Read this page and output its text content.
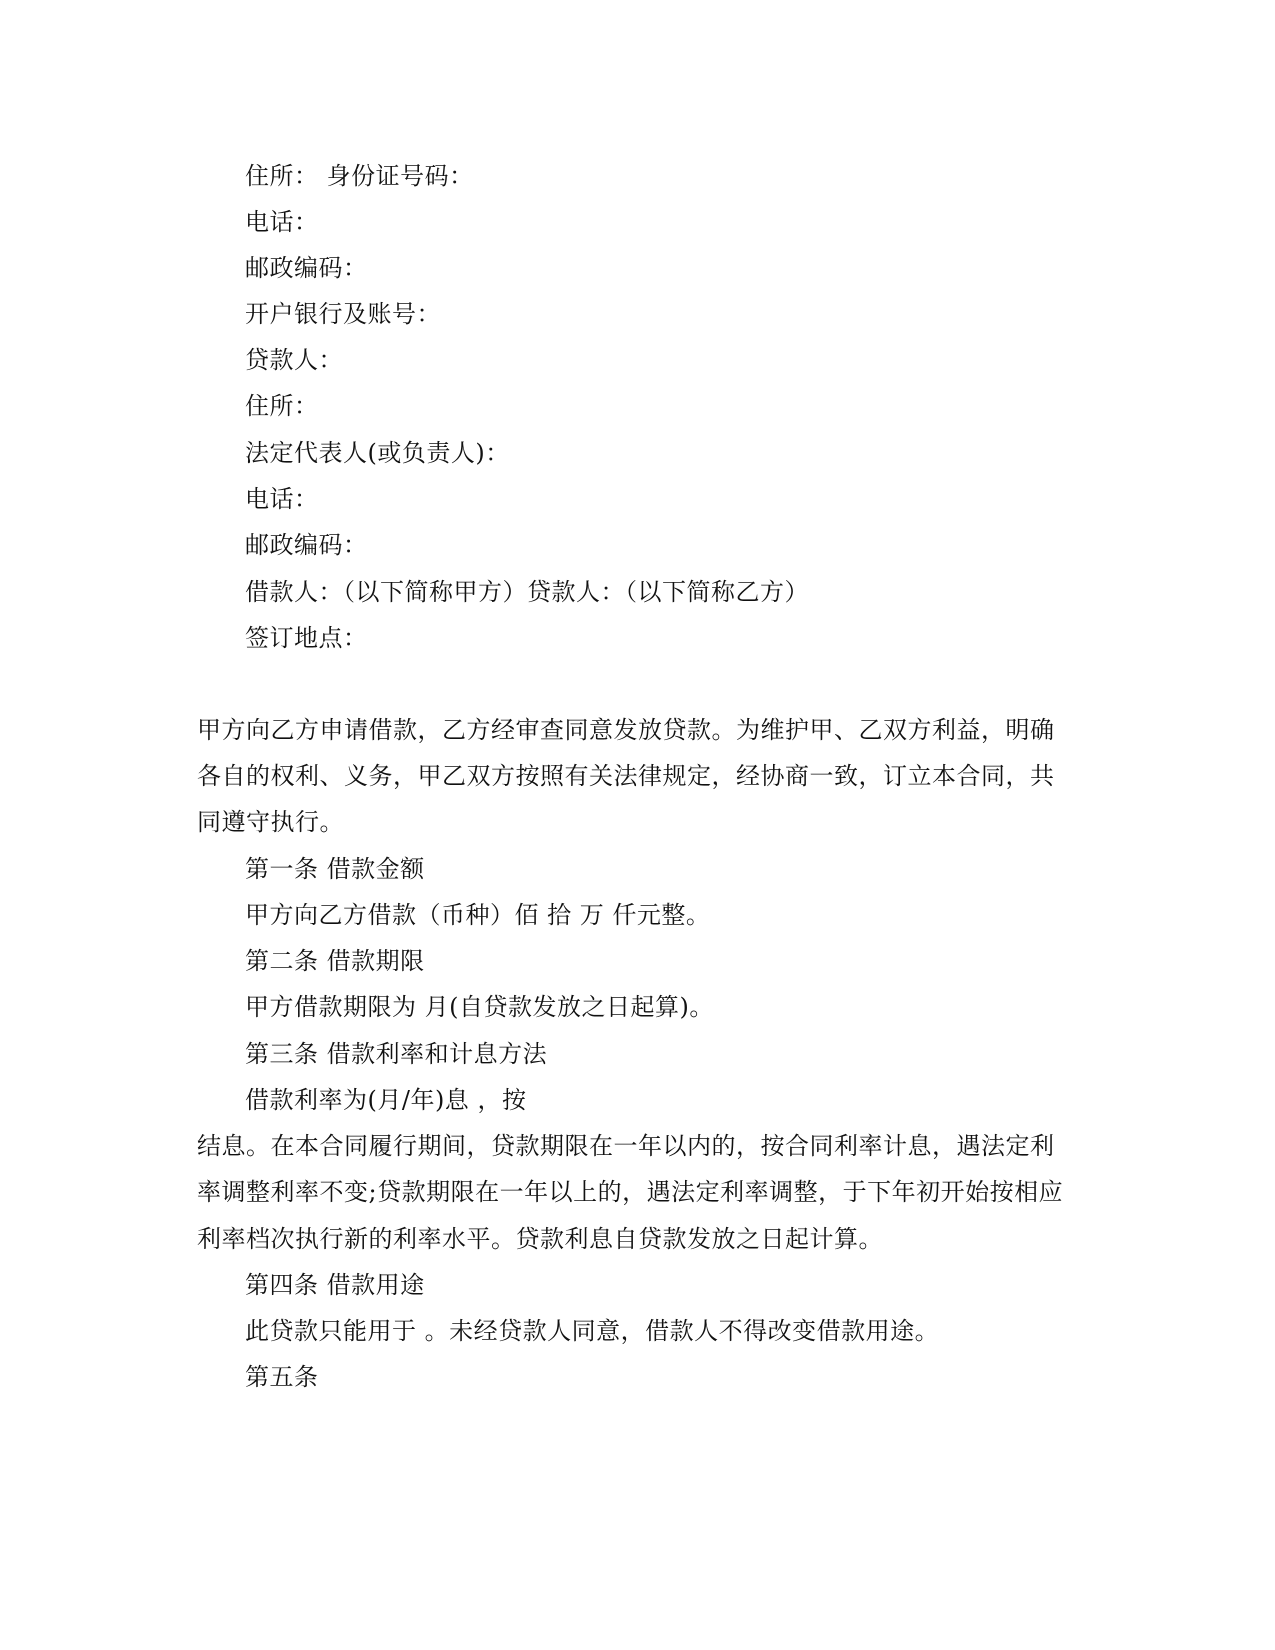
住所： 身份证号码：
电话：
邮政编码：
开户银行及账号：
贷款人：
住所：
法定代表人(或负责人)：
电话：
邮政编码：
借款人：（以下简称甲方）贷款人：（以下简称乙方）
签订地点：
甲方向乙方申请借款，乙方经审查同意发放贷款。为维护甲、乙双方利益，明确
各自的权利、义务，甲乙双方按照有关法律规定，经协商一致，订立本合同，共
同遵守执行。
第一条 借款金额
甲方向乙方借款（币种）佰 拾 万 仟元整。
第二条 借款期限
甲方借款期限为 月(自贷款发放之日起算)。
第三条 借款利率和计息方法
借款利率为(月/年)息 ，按
结息。在本合同履行期间，贷款期限在一年以内的，按合同利率计息，遇法定利
率调整利率不变;贷款期限在一年以上的，遇法定利率调整，于下年初开始按相应
利率档次执行新的利率水平。贷款利息自贷款发放之日起计算。
第四条 借款用途
此贷款只能用于 。未经贷款人同意，借款人不得改变借款用途。
第五条
